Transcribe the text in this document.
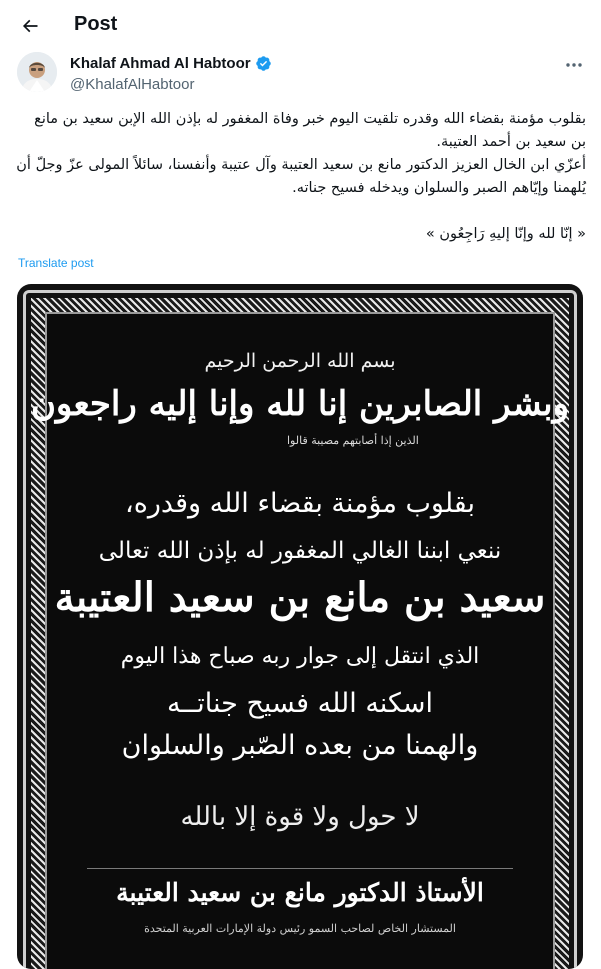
Post
Khalaf Ahmad Al Habtoor
@KhalafAlHabtoor

بقلوب مؤمنة بقضاء الله وقدره تلقيت اليوم خبر وفاة المغفور له بإذن الله الإبن سعيد بن مانع بن سعيد بن أحمد العتيبة.

أعزّي ابن الخال العزيز الدكتور مانع بن سعيد العتيبة وآل عتيبة وأنفسنا، سائلاً المولى عزّ وجلّ أن يُلهمنا وإيّاهم الصبر والسلوان ويدخله فسيح جناته.

« إنّا لله وإنّا إليهِ رَاجِعُون »

Translate post
بسم الله الرحمن الرحيم
وبشر الصابرين إنا لله وإنا إليه راجعون
الذين إذا أصابتهم مصيبة قالوا
بقلوب مؤمنة بقضاء الله وقدره،
ننعي ابننا الغالي المغفور له بإذن الله تعالى
سعيد بن مانع بن سعيد العتيبة
الذي انتقل إلى جوار ربه صباح هذا اليوم
اسكنه الله فسيح جناتــه
والهمنا من بعده الصّبر والسلوان
لا حول ولا قوة إلا بالله
الأستاذ الدكتور مانع بن سعيد العتيبة
المستشار الخاص لصاحب السمو رئيس دولة الإمارات العربية المتحدة
